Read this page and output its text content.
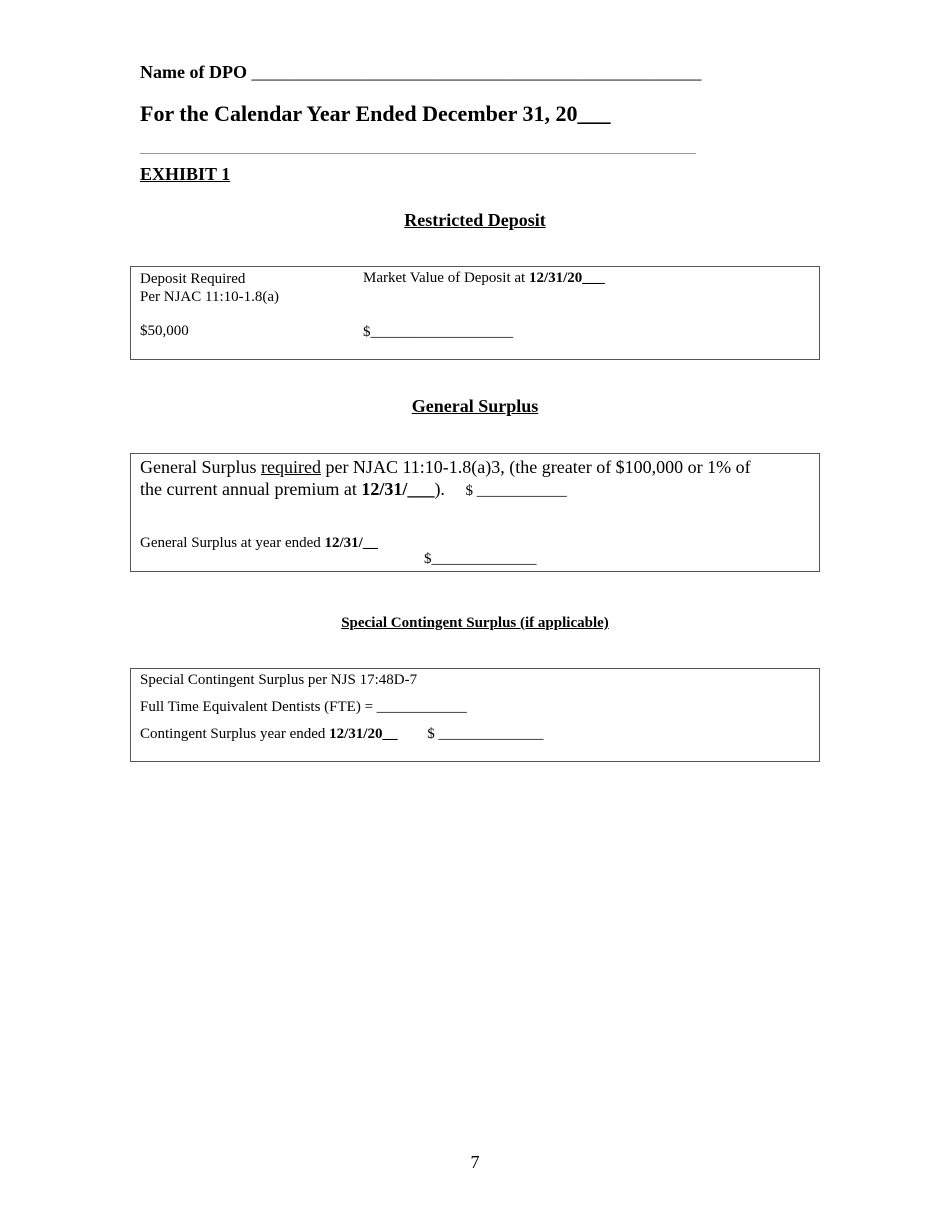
Name of DPO __________________________________________________
For the Calendar Year Ended December 31, 20___
EXHIBIT 1
Restricted Deposit
Deposit Required
Per NJAC 11:10-1.8(a)
$50,000
Market Value of Deposit at 12/31/20___
$___________________
General Surplus
General Surplus required per NJAC 11:10-1.8(a)3, (the greater of $100,000 or 1% of
the current annual premium at 12/31/___). $ ____________
General Surplus at year ended 12/31/__
$______________
Special Contingent Surplus (if applicable)
Special Contingent Surplus per NJS 17:48D-7
Full Time Equivalent Dentists (FTE) = ____________
Contingent Surplus year ended 12/31/20__ $ ______________
7
